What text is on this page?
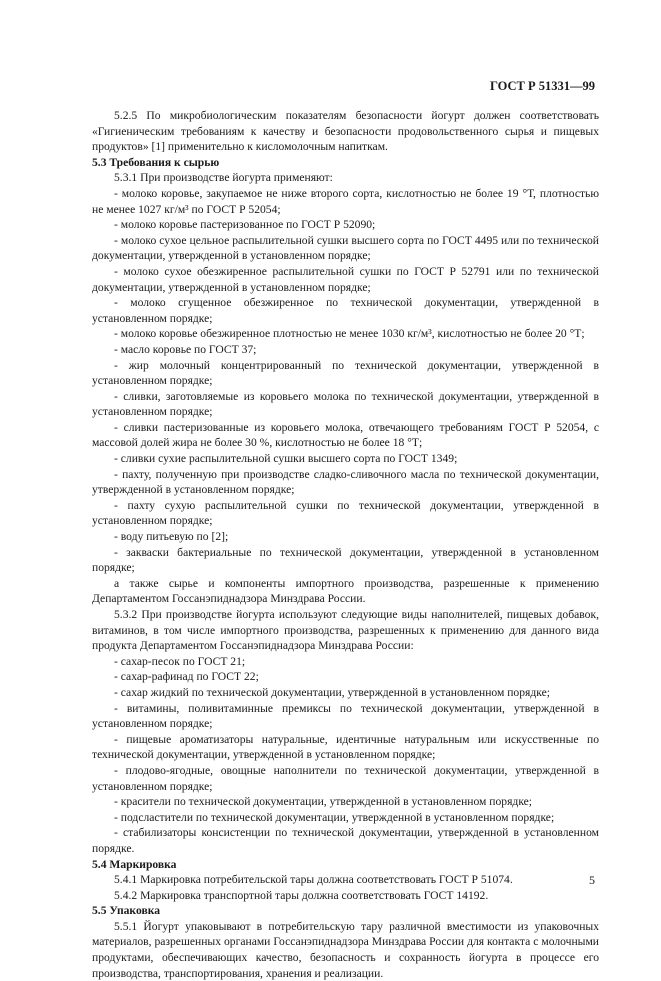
ГОСТ Р 51331—99

5.2.5 По микробиологическим показателям безопасности йогурт должен соответствовать «Гигиеническим требованиям к качеству и безопасности продовольственного сырья и пищевых продуктов» [1] применительно к кисломолочным напиткам.

5.3 Требования к сырью

5.3.1 При производстве йогурта применяют:

- молоко коровье, закупаемое не ниже второго сорта, кислотностью не более 19 °Т, плотностью не менее 1027 кг/м³ по ГОСТ Р 52054;

- молоко коровье пастеризованное по ГОСТ Р 52090;

- молоко сухое цельное распылительной сушки высшего сорта по ГОСТ 4495 или по технической документации, утвержденной в установленном порядке;

- молоко сухое обезжиренное распылительной сушки по ГОСТ Р 52791 или по технической документации, утвержденной в установленном порядке;

- молоко сгущенное обезжиренное по технической документации, утвержденной в установленном порядке;

- молоко коровье обезжиренное плотностью не менее 1030 кг/м³, кислотностью не более 20 °Т;

- масло коровье по ГОСТ 37;

- жир молочный концентрированный по технической документации, утвержденной в установленном порядке;

- сливки, заготовляемые из коровьего молока по технической документации, утвержденной в установленном порядке;

- сливки пастеризованные из коровьего молока, отвечающего требованиям ГОСТ Р 52054, с массовой долей жира не более 30 %, кислотностью не более 18 °Т;

- сливки сухие распылительной сушки высшего сорта по ГОСТ 1349;

- пахту, полученную при производстве сладко-сливочного масла по технической документации, утвержденной в установленном порядке;

- пахту сухую распылительной сушки по технической документации, утвержденной в установленном порядке;

- воду питьевую по [2];

- закваски бактериальные по технической документации, утвержденной в установленном порядке;

а также сырье и компоненты импортного производства, разрешенные к применению Департаментом Госсанэпиднадзора Минздрава России.

5.3.2 При производстве йогурта используют следующие виды наполнителей, пищевых добавок, витаминов, в том числе импортного производства, разрешенных к применению для данного вида продукта Департаментом Госсанэпиднадзора Минздрава России:

- сахар-песок по ГОСТ 21;

- сахар-рафинад по ГОСТ 22;

- сахар жидкий по технической документации, утвержденной в установленном порядке;

- витамины, поливитаминные премиксы по технической документации, утвержденной в установленном порядке;

- пищевые ароматизаторы натуральные, идентичные натуральным или искусственные по технической документации, утвержденной в установленном порядке;

- плодово-ягодные, овощные наполнители по технической документации, утвержденной в установленном порядке;

- красители по технической документации, утвержденной в установленном порядке;

- подсластители по технической документации, утвержденной в установленном порядке;

- стабилизаторы консистенции по технической документации, утвержденной в установленном порядке.

5.4 Маркировка

5.4.1 Маркировка потребительской тары должна соответствовать ГОСТ Р 51074.

5.4.2 Маркировка транспортной тары должна соответствовать ГОСТ 14192.

5.5 Упаковка

5.5.1 Йогурт упаковывают в потребительскую тару различной вместимости из упаковочных материалов, разрешенных органами Госсанэпиднадзора Минздрава России для контакта с молочными продуктами, обеспечивающих качество, безопасность и сохранность йогурта в процессе его производства, транспортирования, хранения и реализации.

5
